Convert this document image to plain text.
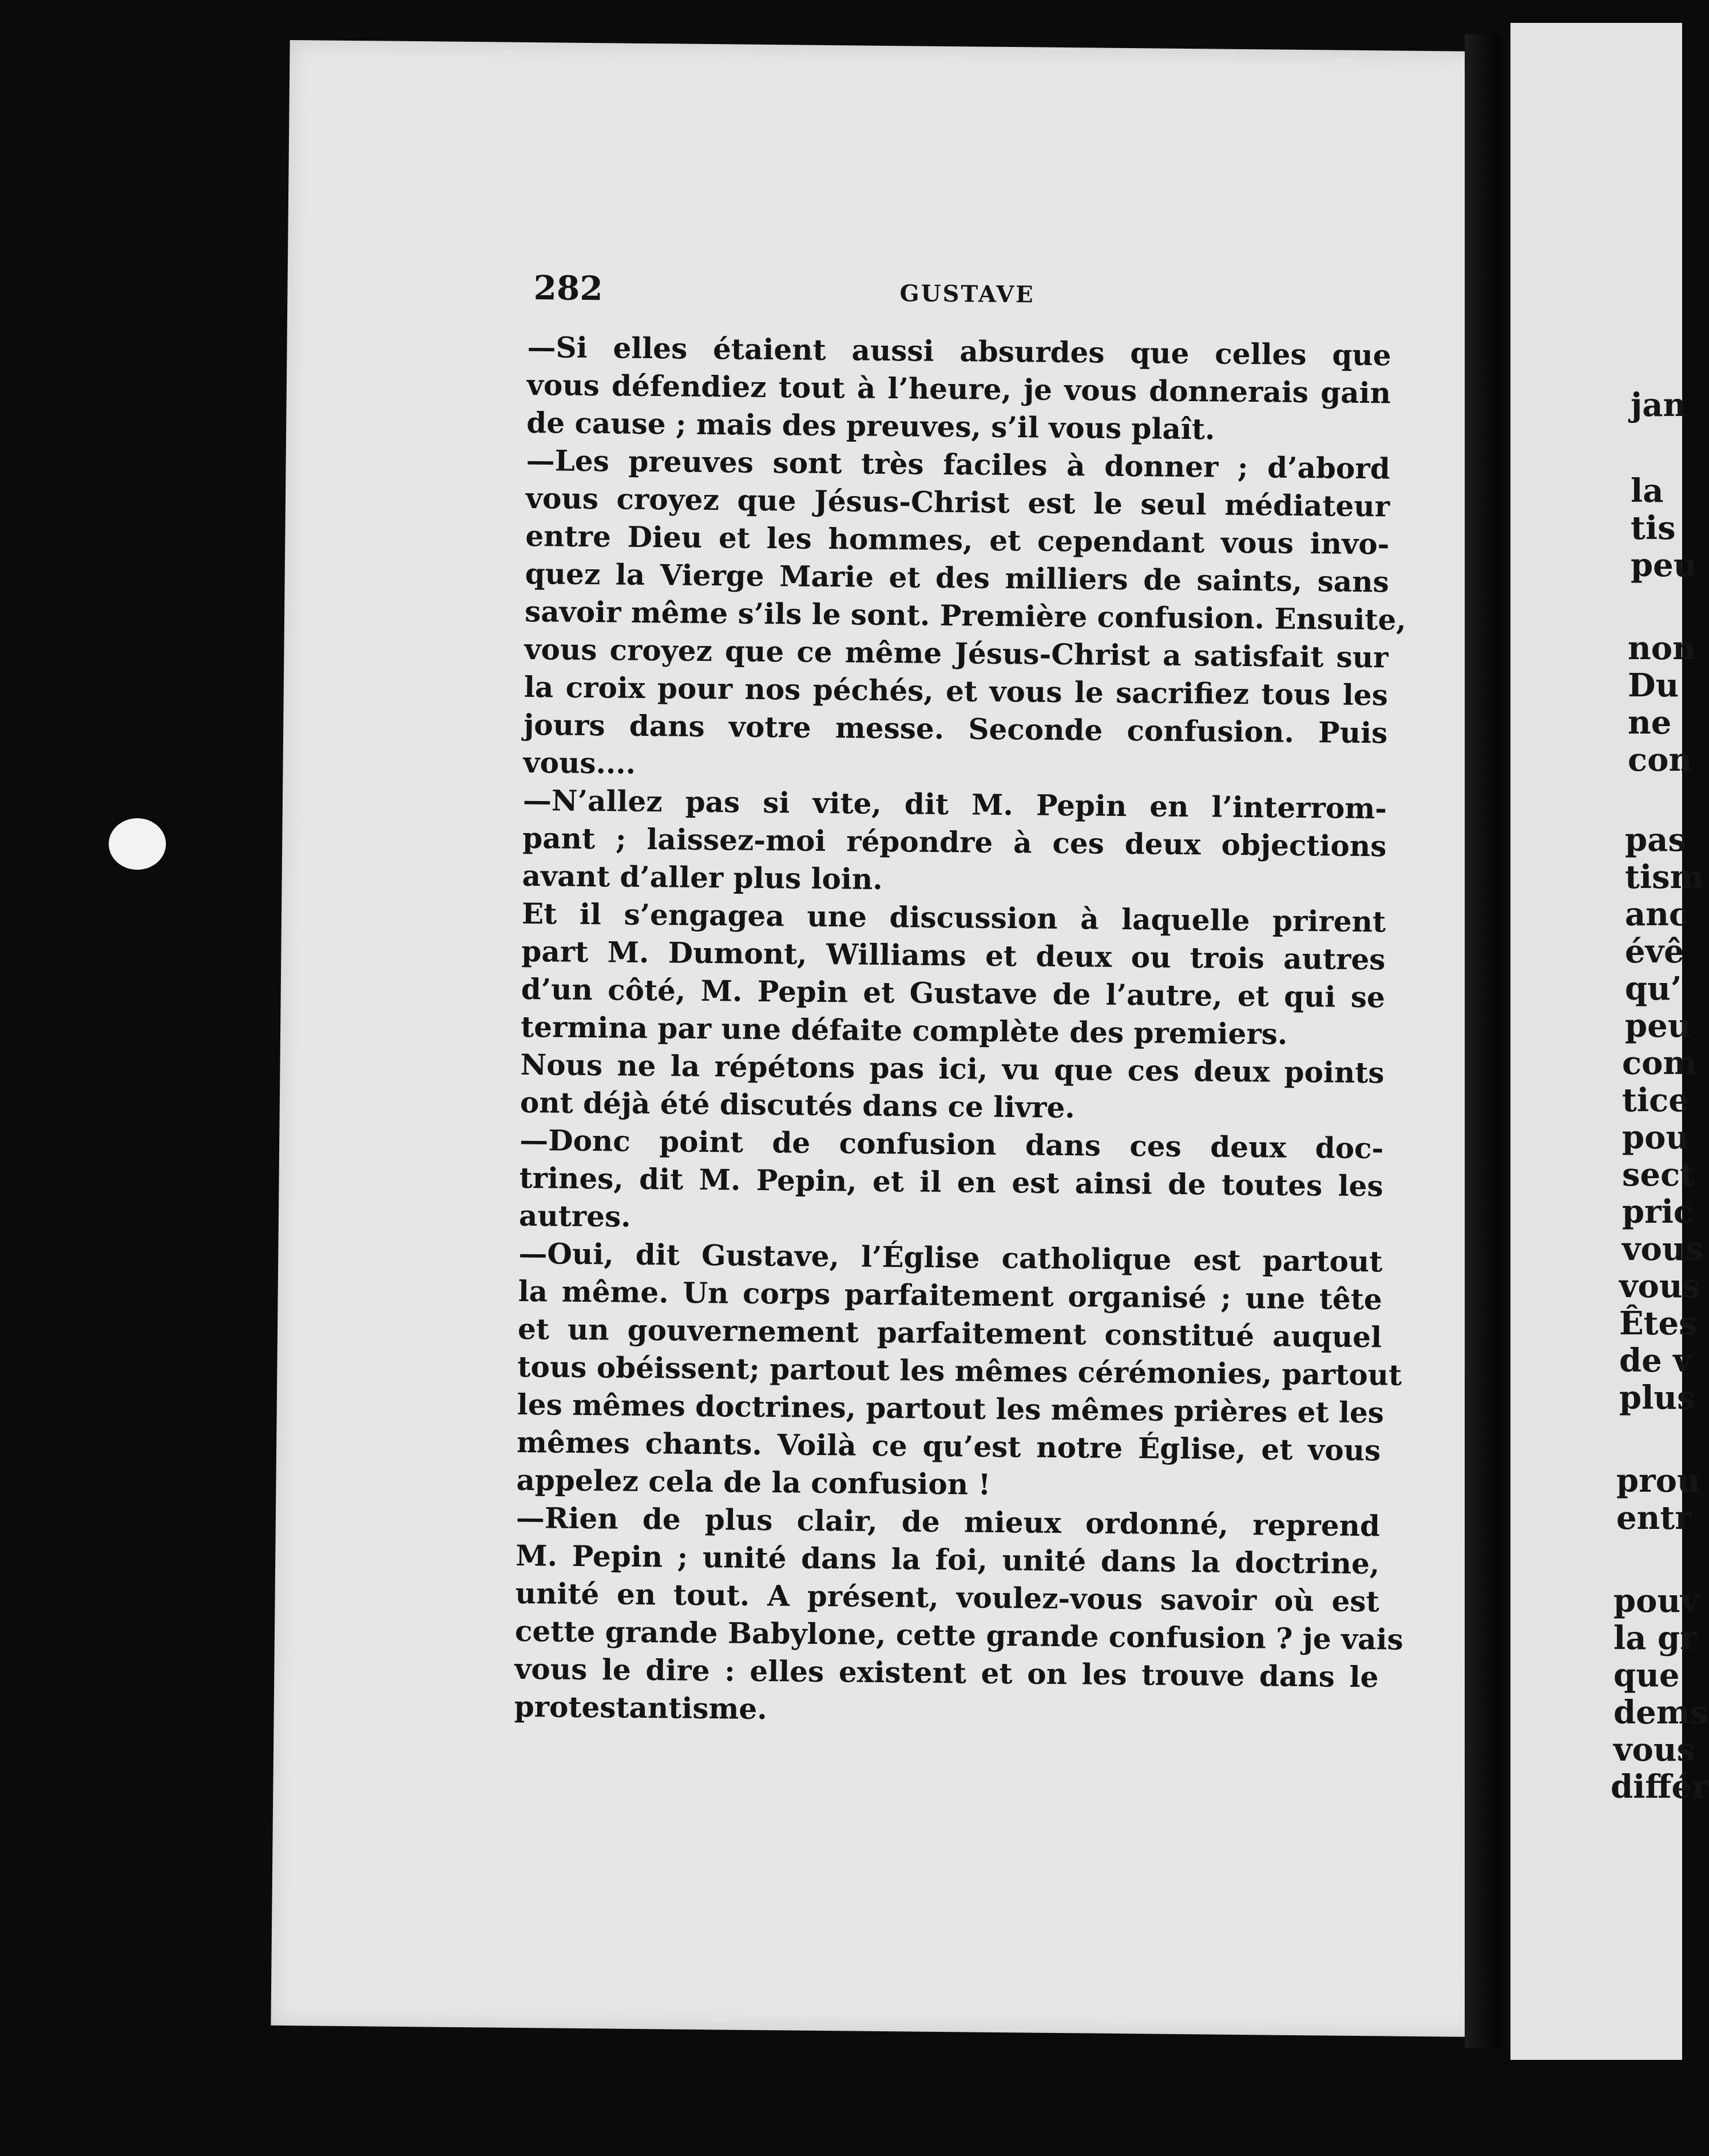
282	GUSTAVE
—Si elles étaient aussi absurdes que celles que
vous défendiez tout à l’heure, je vous donnerais gain
de cause ; mais des preuves, s’il vous plaît.
—Les preuves sont très faciles à donner ; d’abord
vous croyez que Jésus-Christ est le seul médiateur
entre Dieu et les hommes, et cependant vous invo-
quez la Vierge Marie et des milliers de saints, sans
savoir même s’ils le sont. Première confusion. Ensuite,
vous croyez que ce même Jésus-Christ a satisfait sur
la croix pour nos péchés, et vous le sacrifiez tous les
jours dans votre messe. Seconde confusion. Puis
vous....
—N’allez pas si vite, dit M. Pepin en l’interrom-
pant ; laissez-moi répondre à ces deux objections
avant d’aller plus loin.
Et il s’engagea une discussion à laquelle prirent
part M. Dumont, Williams et deux ou trois autres
d’un côté, M. Pepin et Gustave de l’autre, et qui se
termina par une défaite complète des premiers.
Nous ne la répétons pas ici, vu que ces deux points
ont déjà été discutés dans ce livre.
—Donc point de confusion dans ces deux doc-
trines, dit M. Pepin, et il en est ainsi de toutes les
autres.
—Oui, dit Gustave, l’Église catholique est partout
la même. Un corps parfaitement organisé ; une tête
et un gouvernement parfaitement constitué auquel
tous obéissent; partout les mêmes cérémonies, partout
les mêmes doctrines, partout les mêmes prières et les
mêmes chants. Voilà ce qu’est notre Église, et vous
appelez cela de la confusion !
—Rien de plus clair, de mieux ordonné, reprend
M. Pepin ; unité dans la foi, unité dans la doctrine,
unité en tout. A présent, voulez-vous savoir où est
cette grande Babylone, cette grande confusion ? je vais
vous le dire : elles existent et on les trouve dans le
protestantisme.
jan
la
tis
peu
non
Du
ne
con
pas
tism
anc
évê
qu’
peu
com
tice
pou
sect
pric
vous
vous
Êtes
de v
plus
prou
entr
pouv
la gr
que
dems
vous
différ
